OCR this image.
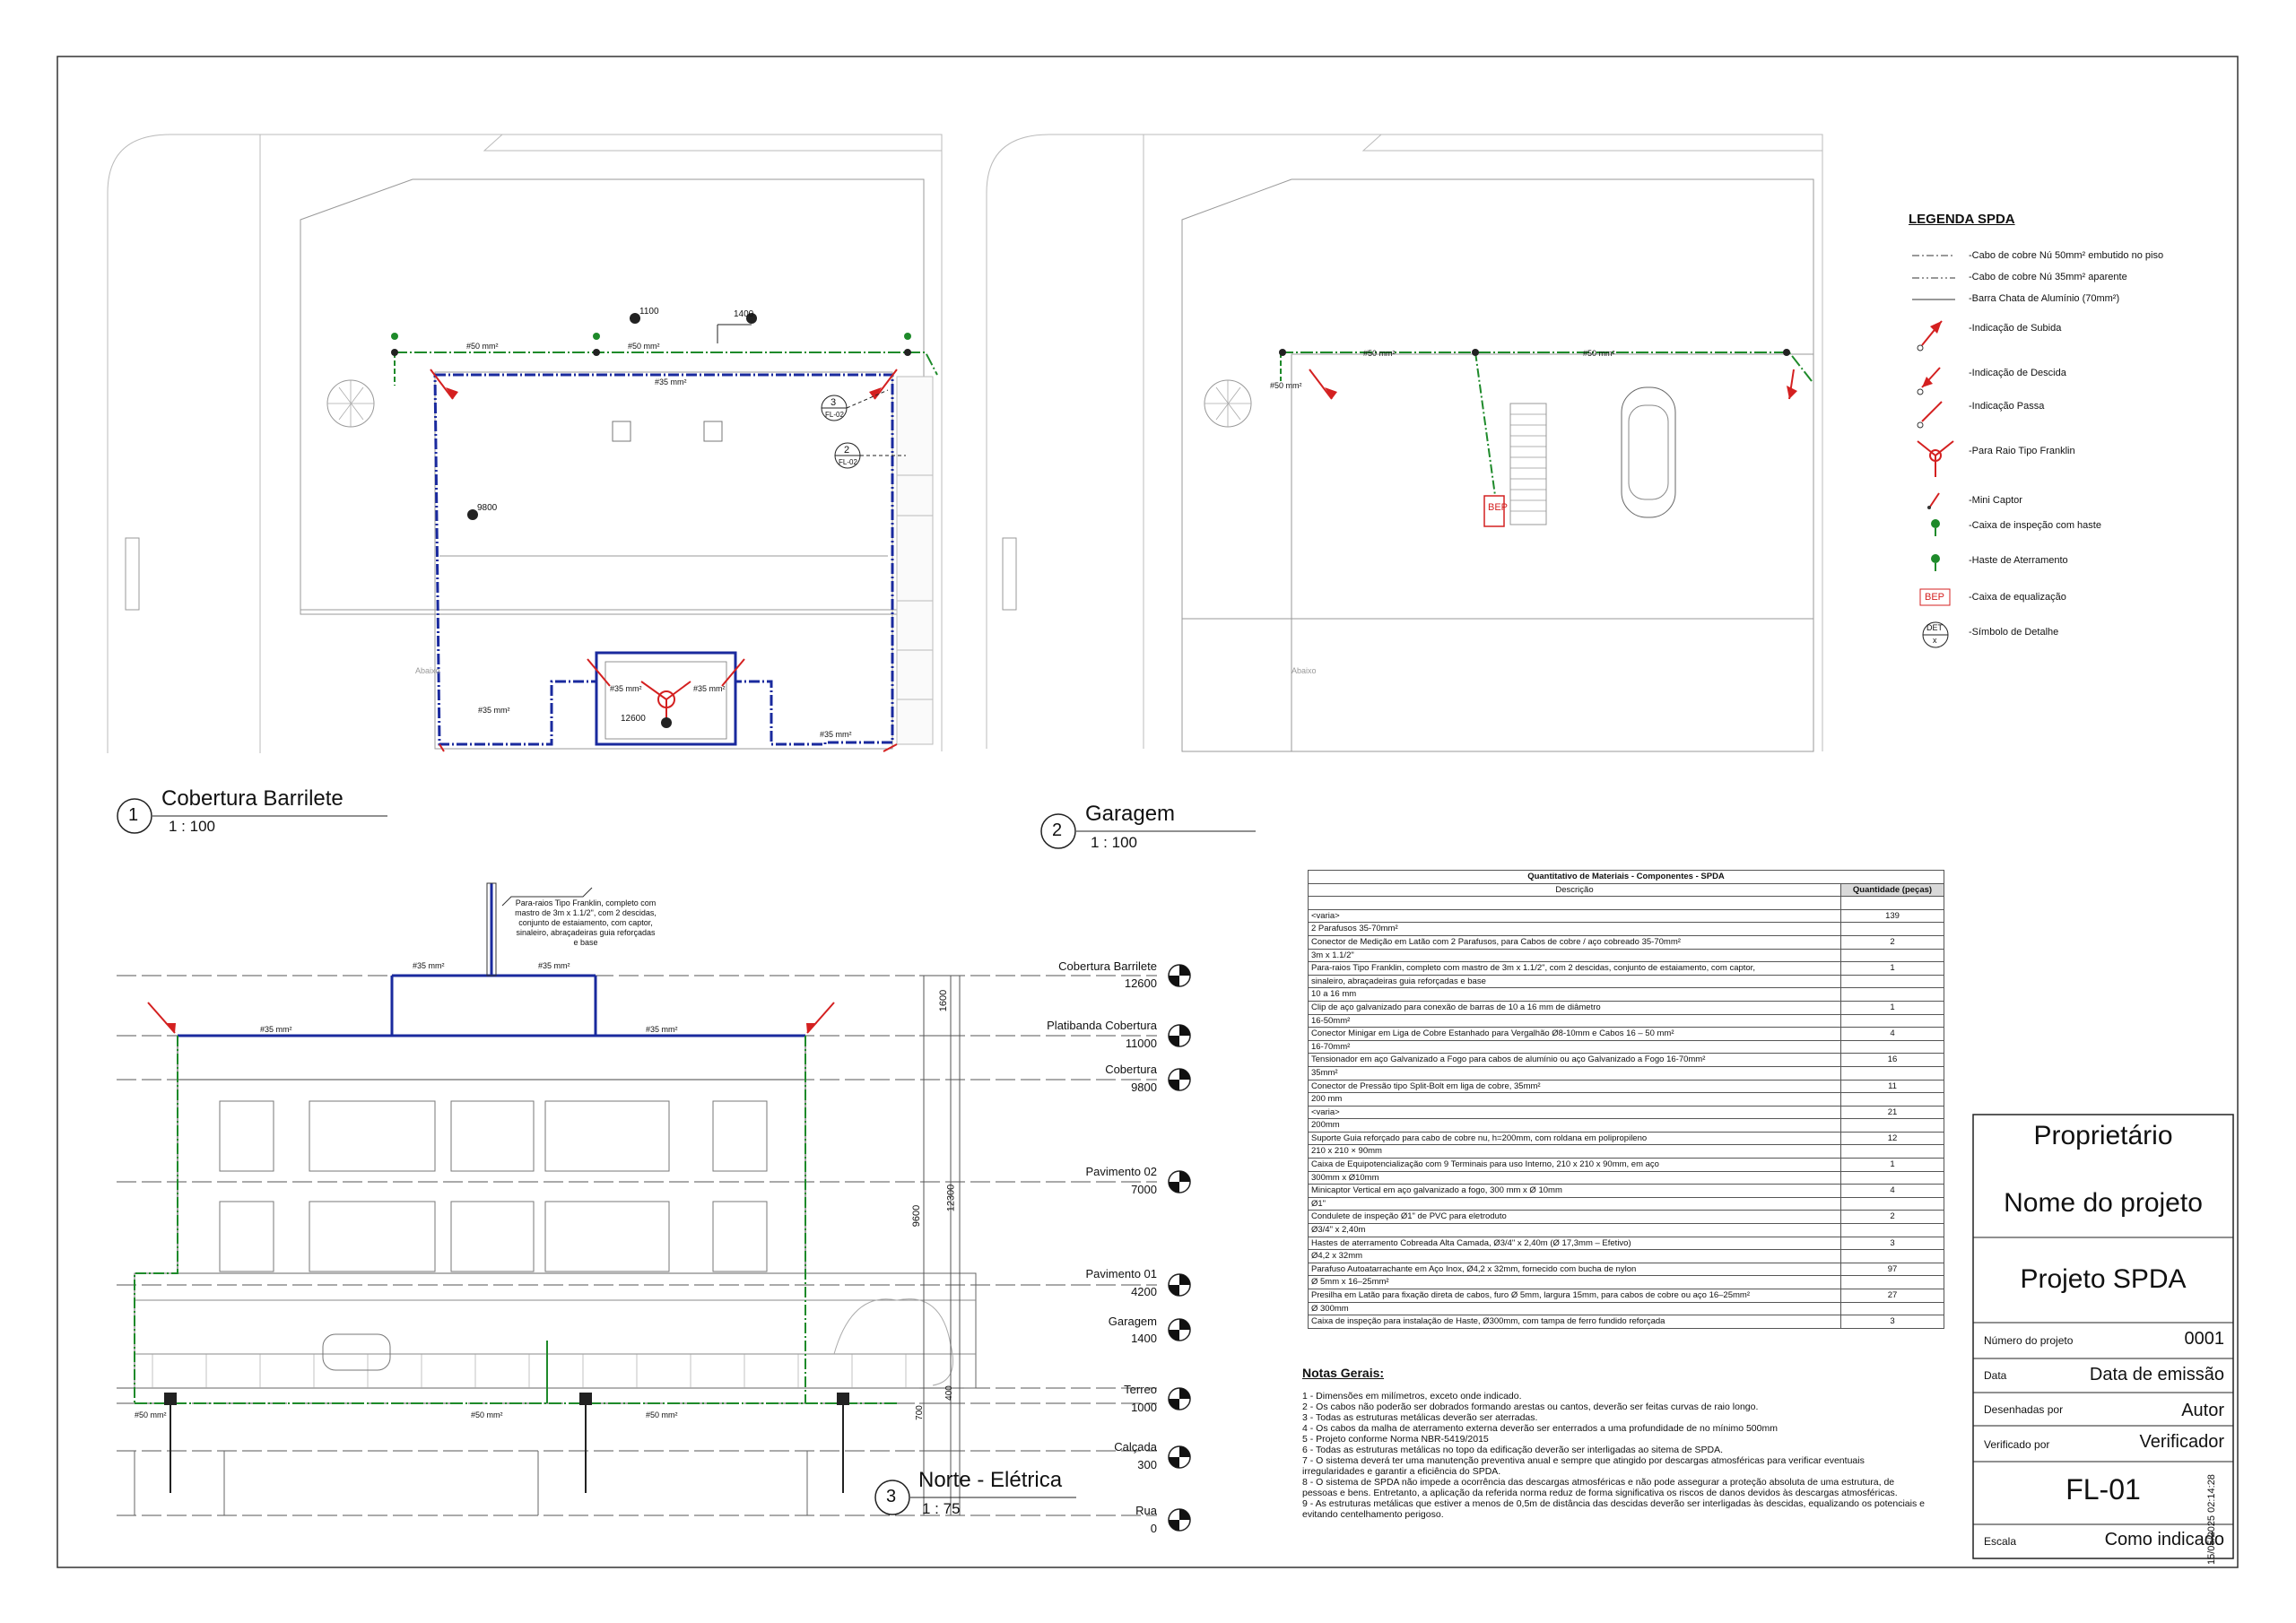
1
Cobertura Barrilete
1 : 100
#50 mm²	#50 mm²
#35 mm²
#35 mm²	#35 mm²
#35 mm²
#35 mm²
1100	1400
9800
12600
3
FL-02
2
FL-02
Abaixo
2
Garagem
1 : 100
#50 mm²	#50 mm²
#50 mm²
BEP
Abaixo
LEGENDA SPDA
-Cabo de cobre Nú 50mm² embutido no piso
-Cabo de cobre Nú 35mm² aparente
-Barra Chata de Alumínio (70mm²)
-Indicação de Subida
-Indicação de Descida
-Indicação Passa
-Para Raio Tipo Franklin
-Mini Captor
-Caixa de inspeção com haste
-Haste de Aterramento
-Caixa de equalização
-Símbolo de Detalhe
BEP
DET
x
3
Norte - Elétrica
1 : 75
Para-raios Tipo Franklin, completo com mastro de 3m x 1.1/2", com 2 descidas, conjunto de estaiamento, com captor, sinaleiro, abraçadeiras guia reforçadas e base
#35 mm²	#35 mm²
#35 mm²	#35 mm²
#50 mm²	#50 mm²	#50 mm²
1600
9600
12300
700
400
Cobertura Barrilete
12600
Platibanda Cobertura
11000
Cobertura
9800
Pavimento 02
7000
Pavimento 01
4200
Garagem
1400
Terreo
1000
Calçada
300
Rua
0
Quantitativo de Materiais - Componentes - SPDA	
Descrição	Quantidade (peças)

<varia>	139
2 Parafusos 35-70mm²	
Conector de Medição em Latão com 2 Parafusos, para Cabos de cobre / aço cobreado 35-70mm²	2
3m x 1.1/2"	
Para-raios Tipo Franklin, completo com mastro de 3m x 1.1/2", com 2 descidas, conjunto de estaiamento, com captor,	1
sinaleiro, abraçadeiras guia reforçadas e base	
10 a 16 mm	
Clip de aço galvanizado para conexão de barras de 10 a 16 mm de diâmetro	1
16-50mm²	
Conector Minigar em Liga de Cobre Estanhado para Vergalhão Ø8-10mm e Cabos 16 – 50 mm²	4
16-70mm²	
Tensionador em aço Galvanizado a Fogo para cabos de alumínio ou aço Galvanizado a Fogo 16-70mm²	16
35mm²	
Conector de Pressão tipo Split-Bolt em liga de cobre, 35mm²	11
200 mm	
<varia>	21
200mm	
Suporte Guia reforçado para cabo de cobre nu, h=200mm, com roldana em polipropileno	12
210 x 210 × 90mm	
Caixa de Equipotencialização com 9 Terminais para uso Interno, 210 x 210 x 90mm, em aço	1
300mm x Ø10mm	
Minicaptor Vertical em aço galvanizado a fogo, 300 mm x Ø 10mm	4
Ø1"	
Condulete de inspeção Ø1" de PVC para eletroduto	2
Ø3/4" x 2,40m	
Hastes de aterramento Cobreada Alta Camada, Ø3/4" x 2,40m (Ø 17,3mm – Efetivo)	3
Ø4,2 x 32mm	
Parafuso Autoatarrachante em Aço Inox, Ø4,2 x 32mm, fornecido com bucha de nylon	97
Ø 5mm x 16–25mm²	
Presilha em Latão para fixação direta de cabos, furo Ø 5mm, largura 15mm, para cabos de cobre ou aço 16–25mm²	27
Ø 300mm	
Caixa de inspeção para instalação de Haste, Ø300mm, com tampa de ferro fundido reforçada	3
Notas Gerais:
1 - Dimensões em milímetros, exceto onde indicado.
2 - Os cabos não poderão ser dobrados formando arestas ou cantos, deverão ser feitas curvas de raio longo.
3 - Todas as estruturas metálicas deverão ser aterradas.
4 - Os cabos da malha de aterramento externa deverão ser enterrados a uma profundidade de no mínimo 500mm
5 - Projeto conforme Norma NBR-5419/2015
6 - Todas as estruturas metálicas no topo da edificação deverão ser interligadas ao sitema de SPDA.
7 - O sistema deverá ter uma manutenção preventiva anual e sempre que atingido por descargas atmosféricas para verificar eventuais
irregularidades e garantir a eficiência do SPDA.
8 - O sistema de SPDA não impede a ocorrência das descargas atmosféricas e não pode assegurar a proteção absoluta de uma estrutura, de
pessoas e bens. Entretanto, a aplicação da referida norma reduz de forma significativa os riscos de danos devidos às descargas atmosféricas.
9 - As estruturas metálicas que estiver a menos de 0,5m de distância das descidas deverão ser interligadas às descidas, equalizando os potenciais e
evitando centelhamento perigoso.
Proprietário
Nome do projeto
Projeto SPDA
Número do projeto	0001
Data	Data de emissão
Desenhadas por	Autor
Verificado por	Verificador
FL-01
Escala	Como indicado
15/05/2025 02:14:28
